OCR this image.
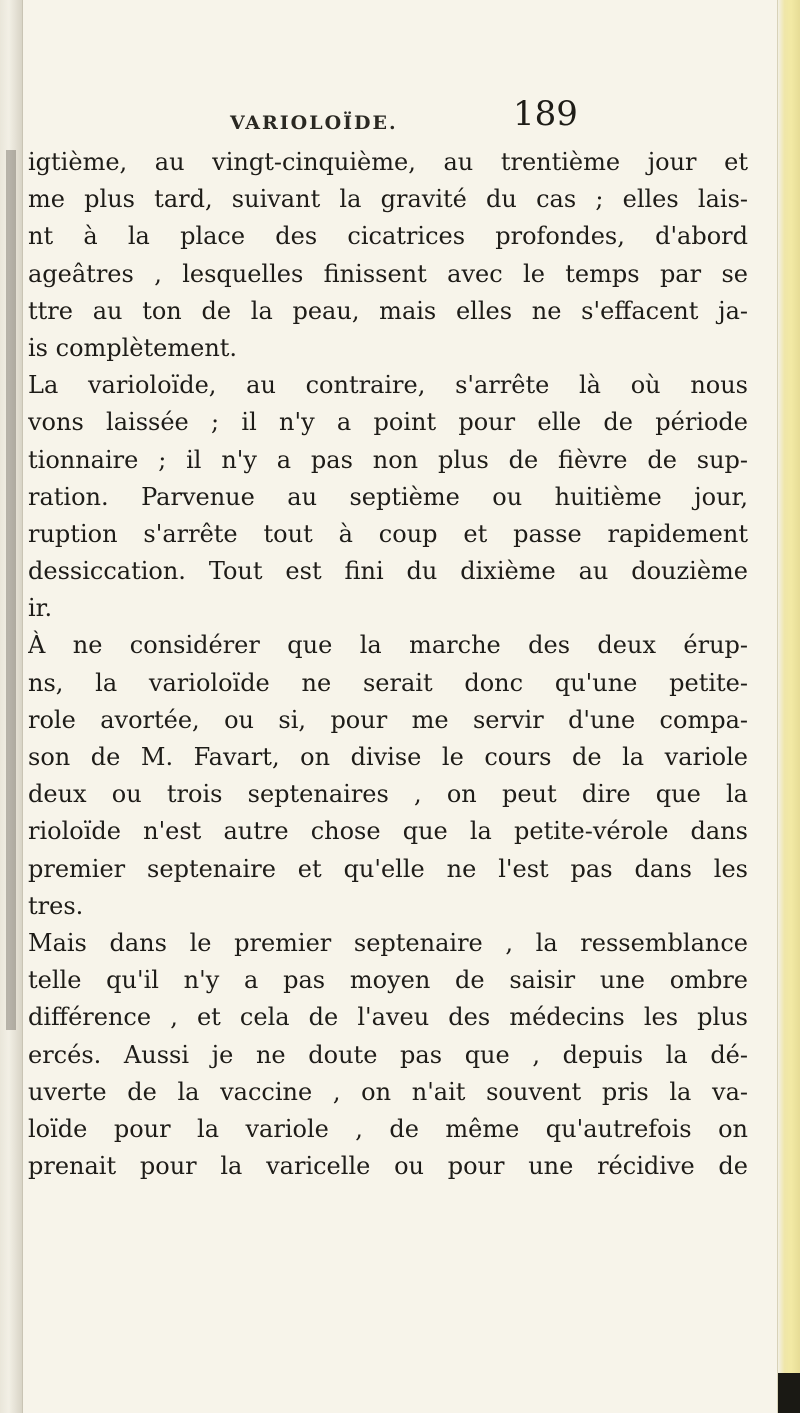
VARIOLOÏDE.	189
igtième, au vingt-cinquième, au trentième jour et
me plus tard, suivant la gravité du cas ; elles lais-
nt à la place des cicatrices profondes, d'abord
ageâtres , lesquelles finissent avec le temps par se
ttre au ton de la peau, mais elles ne s'effacent ja-
is complètement.
La varioloïde, au contraire, s'arrête là où nous
vons laissée ; il n'y a point pour elle de période
tionnaire ; il n'y a pas non plus de fièvre de sup-
ration. Parvenue au septième ou huitième jour,
ruption s'arrête tout à coup et passe rapidement
dessiccation. Tout est fini du dixième au douzième
ir.
À ne considérer que la marche des deux érup-
ns, la varioloïde ne serait donc qu'une petite-
role avortée, ou si, pour me servir d'une compa-
son de M. Favart, on divise le cours de la variole
deux ou trois septenaires , on peut dire que la
rioloïde n'est autre chose que la petite-vérole dans
premier septenaire et qu'elle ne l'est pas dans les
tres.
Mais dans le premier septenaire , la ressemblance
telle qu'il n'y a pas moyen de saisir une ombre
différence , et cela de l'aveu des médecins les plus
ercés. Aussi je ne doute pas que , depuis la dé-
uverte de la vaccine , on n'ait souvent pris la va-
loïde pour la variole , de même qu'autrefois on
prenait pour la varicelle ou pour une récidive de
